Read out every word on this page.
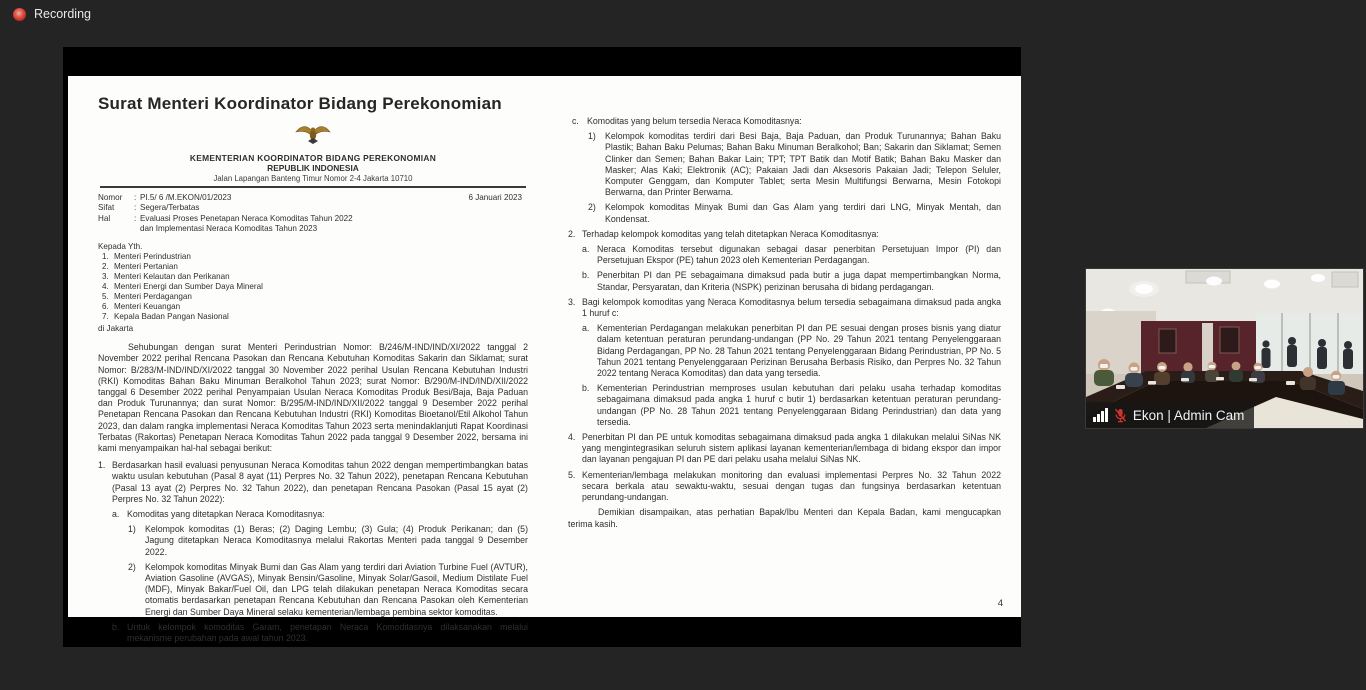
Recording
Surat Menteri Koordinator Bidang Perekonomian
KEMENTERIAN KOORDINATOR BIDANG PEREKONOMIAN
REPUBLIK INDONESIA
Jalan Lapangan Banteng Timur Nomor 2-4 Jakarta 10710
Nomor	: PI.5/ 6 /M.EKON/01/2023
Sifat	: Segera/Terbatas
Hal	: Evaluasi Proses Penetapan Neraca Komoditas Tahun 2022
dan Implementasi Neraca Komoditas Tahun 2023
6 Januari 2023
Kepada Yth.
1. Menteri Perindustrian
2. Menteri Pertanian
3. Menteri Kelautan dan Perikanan
4. Menteri Energi dan Sumber Daya Mineral
5. Menteri Perdagangan
6. Menteri Keuangan
7. Kepala Badan Pangan Nasional
di Jakarta

Sehubungan dengan surat Menteri Perindustrian Nomor: B/246/M-IND/IND/XI/2022 tanggal 2 November 2022 perihal Rencana Pasokan dan Rencana Kebutuhan Komoditas Sakarin dan Siklamat; surat Nomor: B/283/M-IND/IND/XI/2022 tanggal 30 November 2022 perihal Usulan Rencana Kebutuhan Industri (RKI) Komoditas Bahan Baku Minuman Beralkohol Tahun 2023; surat Nomor: B/290/M-IND/IND/XII/2022 tanggal 6 Desember 2022 perihal Penyampaian Usulan Neraca Komoditas Produk Besi/Baja, Baja Paduan dan Produk Turunannya; dan surat Nomor: B/295/M-IND/IND/XII/2022 tanggal 9 Desember 2022 perihal Penetapan Rencana Pasokan dan Rencana Kebutuhan Industri (RKI) Komoditas Bioetanol/Etil Alkohol Tahun 2023, dan dalam rangka implementasi Neraca Komoditas Tahun 2023 serta menindaklanjuti Rapat Koordinasi Terbatas (Rakortas) Penetapan Neraca Komoditas Tahun 2022 pada tanggal 9 Desember 2022, bersama ini kami menyampaikan hal-hal sebagai berikut:

1. Berdasarkan hasil evaluasi penyusunan Neraca Komoditas tahun 2022 dengan mempertimbangkan batas waktu usulan kebutuhan (Pasal 8 ayat (11) Perpres No. 32 Tahun 2022), penetapan Rencana Kebutuhan (Pasal 13 ayat (2) Perpres No. 32 Tahun 2022), dan penetapan Rencana Pasokan (Pasal 15 ayat (2) Perpres No. 32 Tahun 2022):
a. Komoditas yang ditetapkan Neraca Komoditasnya:
1)	Kelompok komoditas (1) Beras; (2) Daging Lembu; (3) Gula; (4) Produk Perikanan; dan (5) Jagung ditetapkan Neraca Komoditasnya melalui Rakortas Menteri pada tanggal 9 Desember 2022.
2)	Kelompok komoditas Minyak Bumi dan Gas Alam yang terdiri dari Aviation Turbine Fuel (AVTUR), Aviation Gasoline (AVGAS), Minyak Bensin/Gasoline, Minyak Solar/Gasoil, Medium Distilate Fuel (MDF), Minyak Bakar/Fuel Oil, dan LPG telah dilakukan penetapan Neraca Komoditas secara otomatis berdasarkan penetapan Rencana Kebutuhan dan Rencana Pasokan oleh Kementerian Energi dan Sumber Daya Mineral selaku kementerian/lembaga pembina sektor komoditas.
b. Untuk kelompok komoditas Garam, penetapan Neraca Komoditasnya dilaksanakan melalui mekanisme perubahan pada awal tahun 2023.
c. Komoditas yang belum tersedia Neraca Komoditasnya:
1)	Kelompok komoditas terdiri dari Besi Baja, Baja Paduan, dan Produk Turunannya; Bahan Baku Plastik; Bahan Baku Pelumas; Bahan Baku Minuman Beralkohol; Ban; Sakarin dan Siklamat; Semen Clinker dan Semen; Bahan Bakar Lain; TPT; TPT Batik dan Motif Batik; Bahan Baku Masker dan Masker; Alas Kaki; Elektronik (AC); Pakaian Jadi dan Aksesoris Pakaian Jadi; Telepon Seluler, Komputer Genggam, dan Komputer Tablet; serta Mesin Multifungsi Berwarna, Mesin Fotokopi Berwarna, dan Printer Berwarna.
2)	Kelompok komoditas Minyak Bumi dan Gas Alam yang terdiri dari LNG, Minyak Mentah, dan Kondensat.
2. Terhadap kelompok komoditas yang telah ditetapkan Neraca Komoditasnya:
a. Neraca Komoditas tersebut digunakan sebagai dasar penerbitan Persetujuan Impor (PI) dan Persetujuan Ekspor (PE) tahun 2023 oleh Kementerian Perdagangan.
b. Penerbitan PI dan PE sebagaimana dimaksud pada butir a juga dapat mempertimbangkan Norma, Standar, Persyaratan, dan Kriteria (NSPK) perizinan berusaha di bidang perdagangan.
3. Bagi kelompok komoditas yang Neraca Komoditasnya belum tersedia sebagaimana dimaksud pada angka 1 huruf c:
a. Kementerian Perdagangan melakukan penerbitan PI dan PE sesuai dengan proses bisnis yang diatur dalam ketentuan peraturan perundang-undangan (PP No. 29 Tahun 2021 tentang Penyelenggaraan Bidang Perdagangan, PP No. 28 Tahun 2021 tentang Penyelenggaraan Bidang Perindustrian, PP No. 5 Tahun 2021 tentang Penyelenggaraan Perizinan Berusaha Berbasis Risiko, dan Perpres No. 32 Tahun 2022 tentang Neraca Komoditas) dan data yang tersedia.
b. Kementerian Perindustrian memproses usulan kebutuhan dari pelaku usaha terhadap komoditas sebagaimana dimaksud pada angka 1 huruf c butir 1) berdasarkan ketentuan peraturan perundang-undangan (PP No. 28 Tahun 2021 tentang Penyelenggaraan Bidang Perindustrian) dan data yang tersedia.
4. Penerbitan PI dan PE untuk komoditas sebagaimana dimaksud pada angka 1 dilakukan melalui SiNas NK yang mengintegrasikan seluruh sistem aplikasi layanan kementerian/lembaga di bidang ekspor dan impor dan layanan pengajuan PI dan PE dari pelaku usaha melalui SiNas NK.
5. Kementerian/lembaga melakukan monitoring dan evaluasi implementasi Perpres No. 32 Tahun 2022 secara berkala atau sewaktu-waktu, sesuai dengan tugas dan fungsinya berdasarkan ketentuan perundang-undangan.

Demikian disampaikan, atas perhatian Bapak/Ibu Menteri dan Kepala Badan, kami mengucapkan terima kasih.

4
Ekon | Admin Cam
